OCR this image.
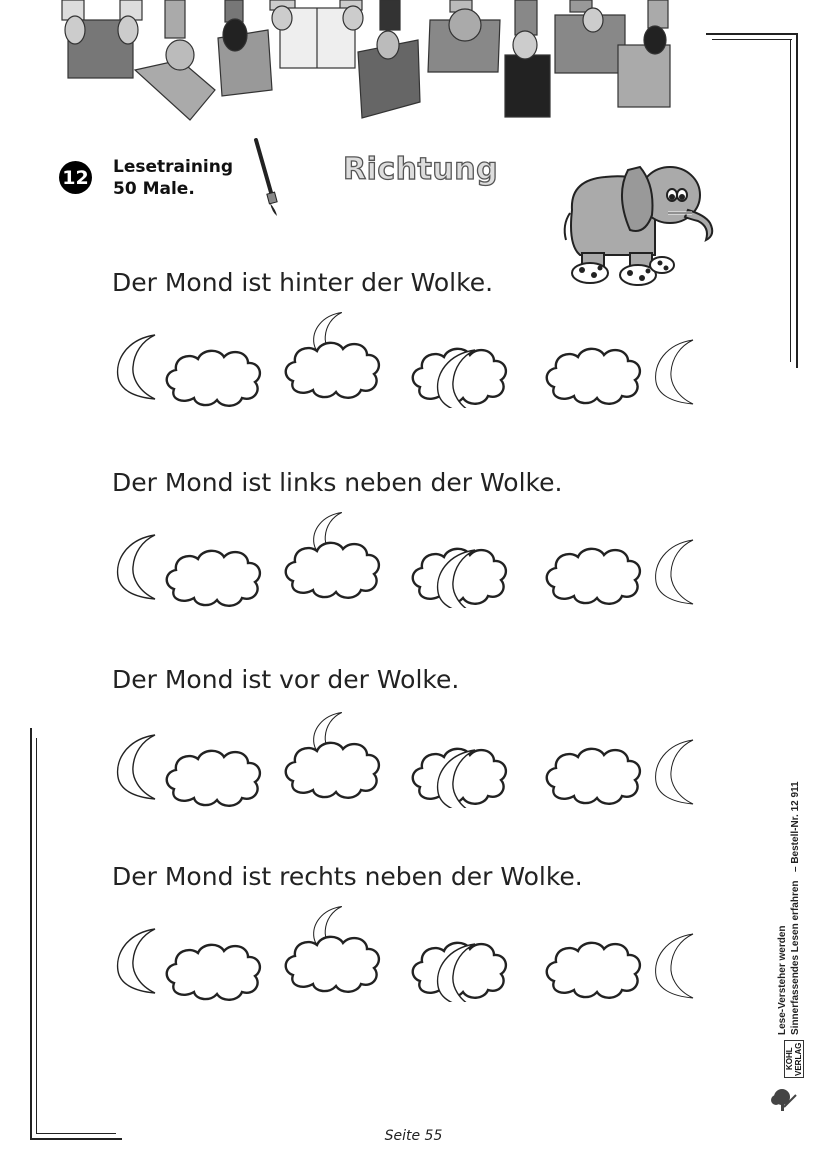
12 Lesetraining 50 Male.
Richtung
Der Mond ist hinter der Wolke.
Der Mond ist links neben der Wolke.
Der Mond ist vor der Wolke.
Der Mond ist rechts neben der Wolke.
Lese-Versteher werden Sinnerfassendes Lesen erfahren
– Bestell-Nr. 12 911
KOHL VERLAG
Seite 55
